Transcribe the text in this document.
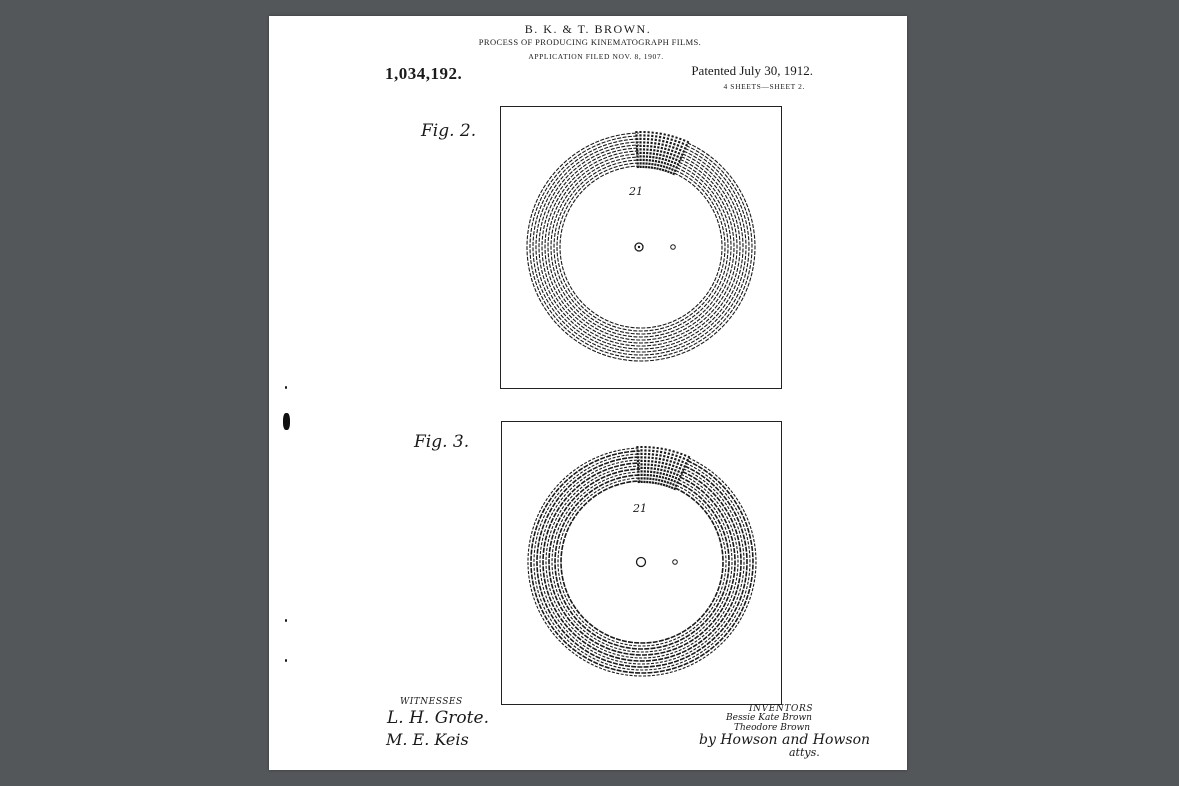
B. K. & T. BROWN.
PROCESS OF PRODUCING KINEMATOGRAPH FILMS.
APPLICATION FILED NOV. 8, 1907.
1,034,192.	Patented July 30, 1912.
4 SHEETS—SHEET 2.
Fig. 2.
21
Fig. 3.
21
WITNESSES
L. H. Grote.
M. E. Keis
INVENTORS
Bessie Kate Brown
Theodore Brown
by Howson and Howson
attys.
